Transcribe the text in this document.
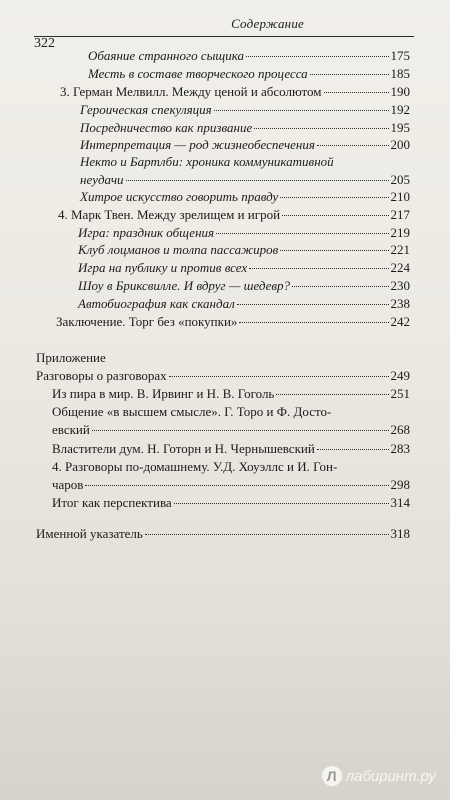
Содержание
322
Обаяние странного сыщика	175
Месть в составе творческого процесса	185
3. Герман Мелвилл. Между ценой и абсолютом	190
Героическая спекуляция	192
Посредничество как призвание	195
Интерпретация — род жизнеобеспечения	200
Некто и Бартлби: хроника коммуникативной
неудачи	205
Хитрое искусство говорить правду	210
4. Марк Твен. Между зрелищем и игрой	217
Игра: праздник общения	219
Клуб лоцманов и толпа пассажиров	221
Игра на публику и против всех	224
Шоу в Бриксвилле. И вдруг — шедевр?	230
Автобиография как скандал	238
Заключение. Торг без «покупки»	242
Приложение
Разговоры о разговорах	249
Из пира в мир. В. Ирвинг и Н. В. Гоголь	251
Общение «в высшем смысле». Г. Торо и Ф. Досто-
евский	268
Властители дум. Н. Готорн и Н. Чернышевский	283
4. Разговоры по-домашнему. У.Д. Хоуэллс и И. Гон-
чаров	298
Итог как перспектива	314
Именной указатель	318
Л лабиринт.ру
